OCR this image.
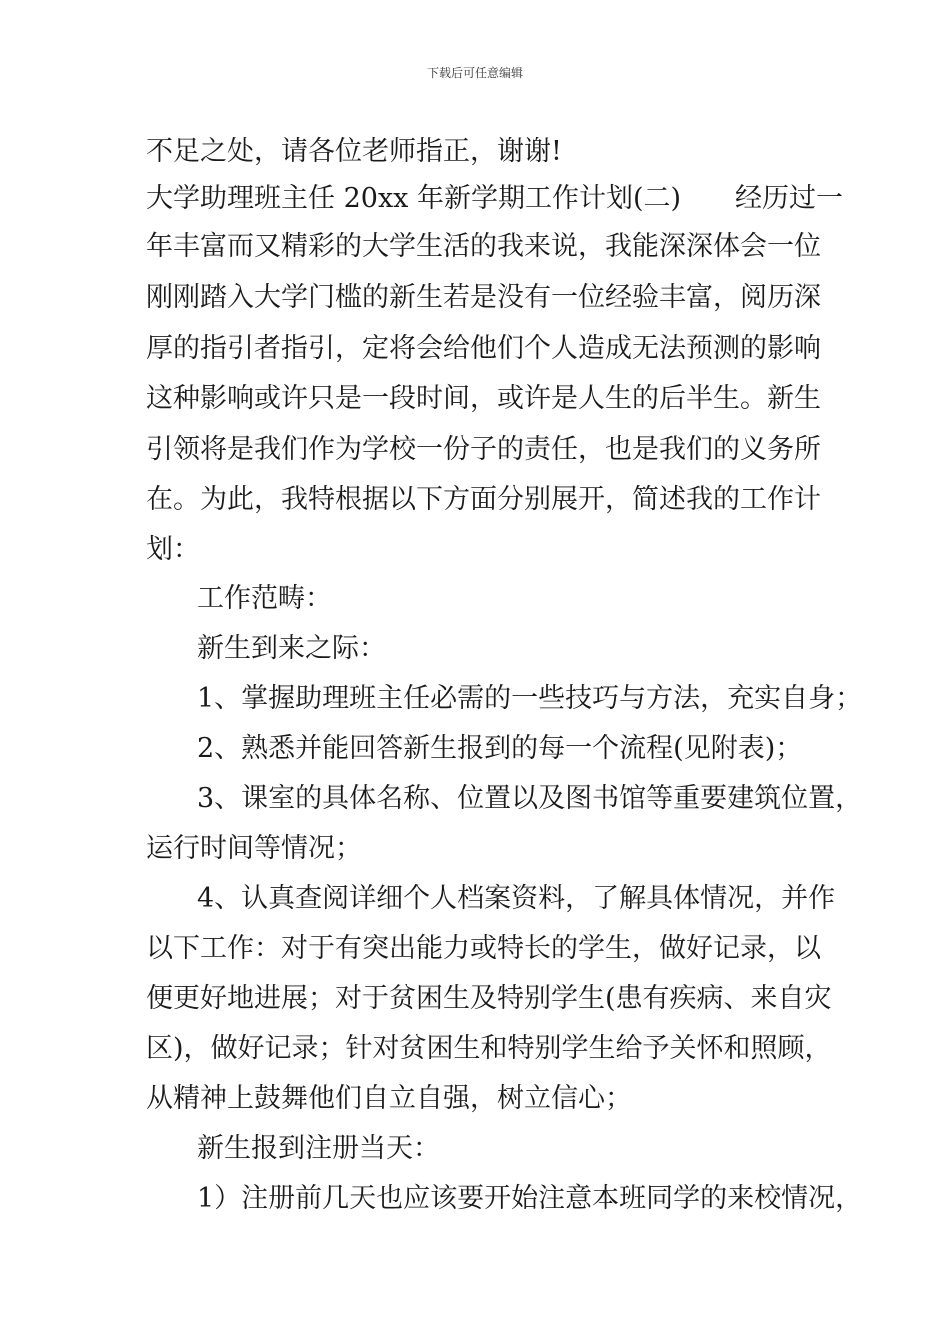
下载后可任意编辑
不足之处，请各位老师指正，谢谢!
大学助理班主任 20xx 年新学期工作计划(二)　　经历过一
年丰富而又精彩的大学生活的我来说，我能深深体会一位
刚刚踏入大学门槛的新生若是没有一位经验丰富，阅历深
厚的指引者指引，定将会给他们个人造成无法预测的影响
这种影响或许只是一段时间，或许是人生的后半生。新生
引领将是我们作为学校一份子的责任，也是我们的义务所
在。为此，我特根据以下方面分别展开，简述我的工作计
划：
工作范畴：
新生到来之际：
1、掌握助理班主任必需的一些技巧与方法，充实自身；
2、熟悉并能回答新生报到的每一个流程(见附表)；
3、课室的具体名称、位置以及图书馆等重要建筑位置，
运行时间等情况；
4、认真查阅详细个人档案资料，了解具体情况，并作
以下工作：对于有突出能力或特长的学生，做好记录，以
便更好地进展；对于贫困生及特别学生(患有疾病、来自灾
区)，做好记录；针对贫困生和特别学生给予关怀和照顾，
从精神上鼓舞他们自立自强，树立信心；
新生报到注册当天：
1）注册前几天也应该要开始注意本班同学的来校情况，
